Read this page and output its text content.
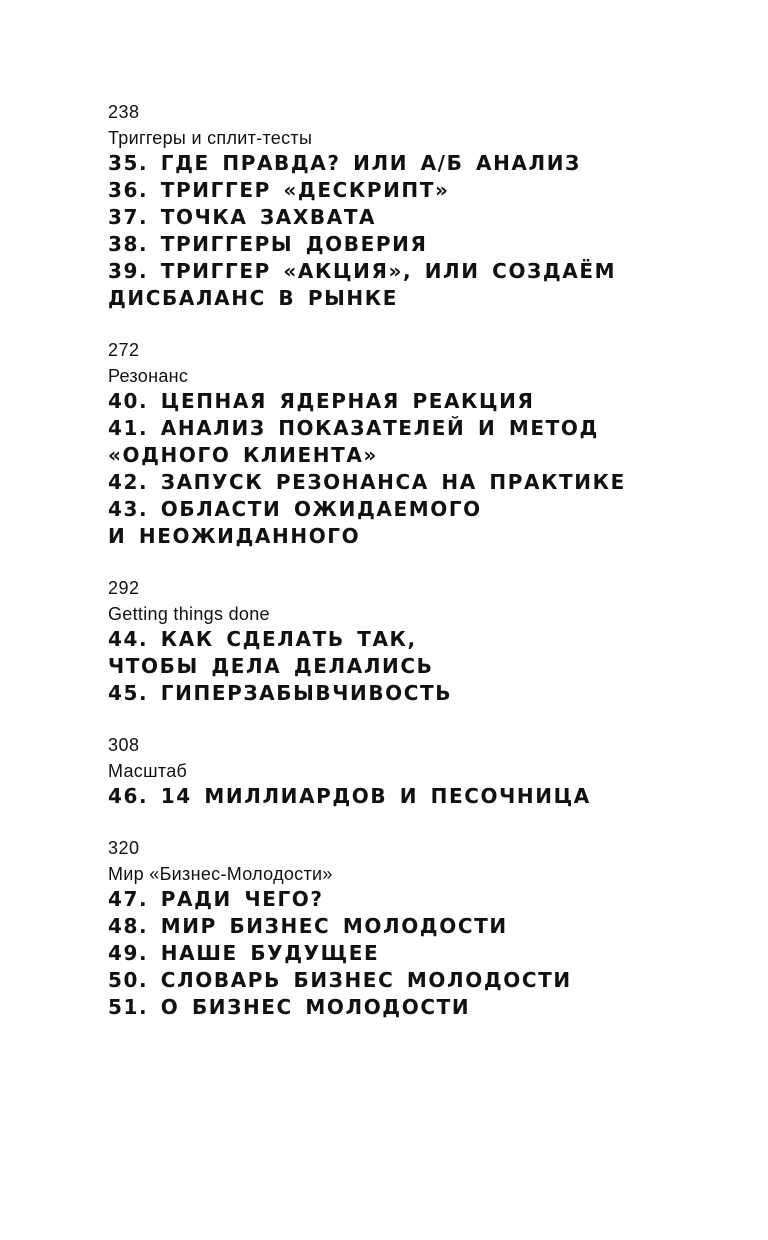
238
Триггеры и сплит-тесты
35. ГДЕ ПРАВДА? ИЛИ А/Б АНАЛИЗ
36. ТРИГГЕР «ДЕСКРИПТ»
37. ТОЧКА ЗАХВАТА
38. ТРИГГЕРЫ ДОВЕРИЯ
39. ТРИГГЕР «АКЦИЯ», ИЛИ СОЗДАЁМ
ДИСБАЛАНС В РЫНКЕ
272
Резонанс
40. ЦЕПНАЯ ЯДЕРНАЯ РЕАКЦИЯ
41. АНАЛИЗ ПОКАЗАТЕЛЕЙ И МЕТОД
«ОДНОГО КЛИЕНТА»
42. ЗАПУСК РЕЗОНАНСА НА ПРАКТИКЕ
43. ОБЛАСТИ ОЖИДАЕМОГО
И НЕОЖИДАННОГО
292
Getting things done
44. КАК СДЕЛАТЬ ТАК,
ЧТОБЫ ДЕЛА ДЕЛАЛИСЬ
45. ГИПЕРЗАБЫВЧИВОСТЬ
308
Масштаб
46. 14 МИЛЛИАРДОВ И ПЕСОЧНИЦА
320
Мир «Бизнес-Молодости»
47. РАДИ ЧЕГО?
48. МИР БИЗНЕС МОЛОДОСТИ
49. НАШЕ БУДУЩЕЕ
50. СЛОВАРЬ БИЗНЕС МОЛОДОСТИ
51. О БИЗНЕС МОЛОДОСТИ
